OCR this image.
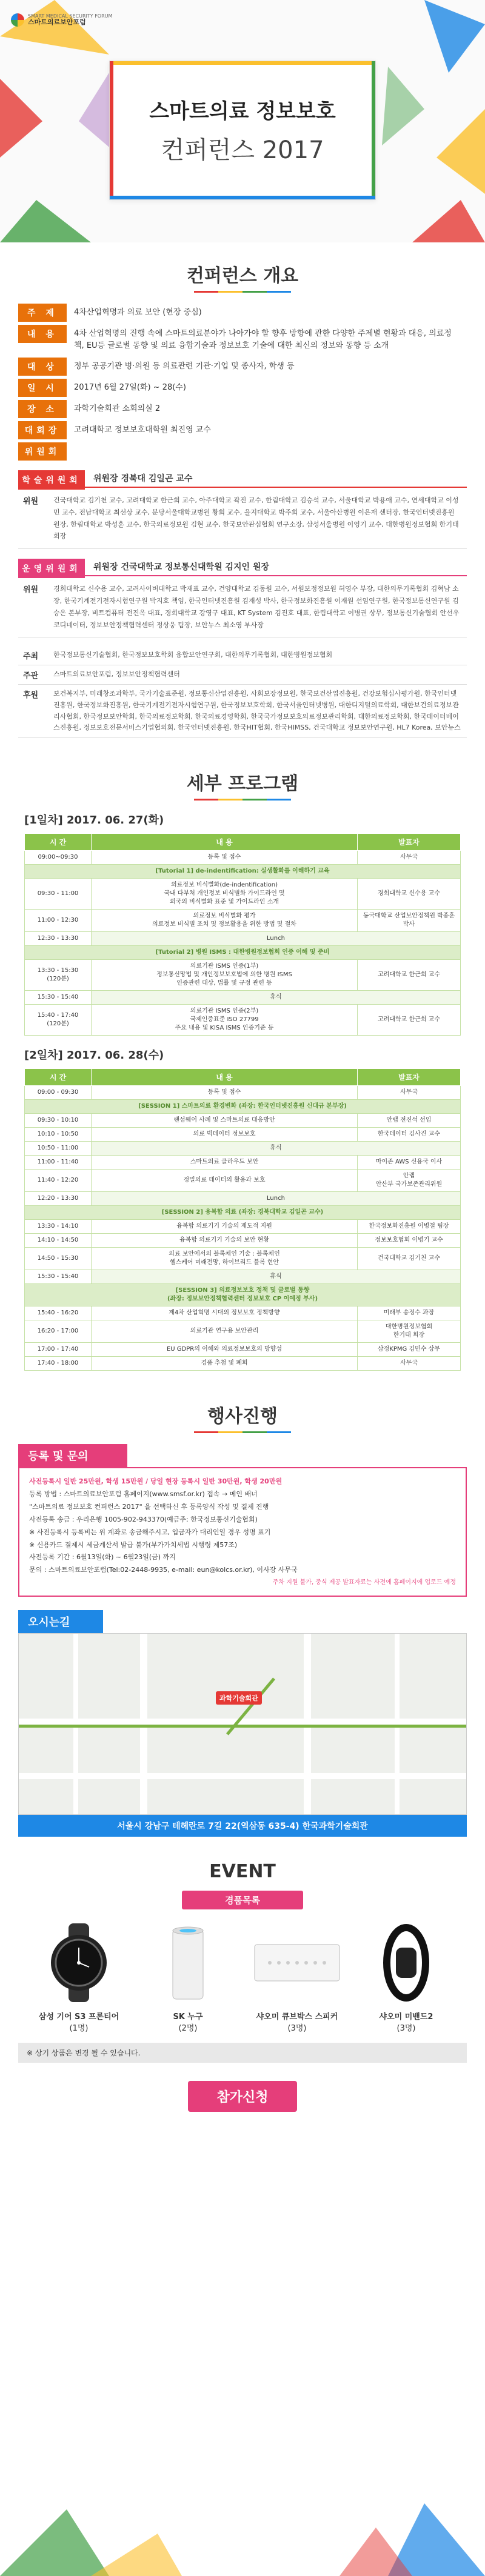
SMART MEDICAL SECURITY FORUM
스마트의료보안포럼
스마트의료 정보보호
컨퍼런스 2017
컨퍼런스 개요
주 제	4차산업혁명과 의료 보안 (현장 중심)
내 용	4차 산업혁명의 진행 속에 스마트의료분야가 나아가야 할 향후 방향에 관한 다양한 주제별 현황과 대응, 의료정책, EU등 글로벌 동향 및 의료 융합기술과 정보보호 기술에 대한 최신의 정보와 동향 등 소개
대 상	정부 공공기관 병·의원 등 의료관련 기관·기업 및 종사자, 학생 등
일 시	2017년 6월 27일(화) ~ 28(수)
장 소	과학기술회관 소회의실 2
대회장	고려대학교 정보보호대학원 최진영 교수
위원회
학술위원회	위원장 경북대 김일곤 교수
위원	건국대학교 김기천 교수, 고려대학교 한근희 교수, 아주대학교 곽진 교수, 한림대학교 김승석 교수, 서울대학교 박용애 교수, 연세대학교 이성민 교수, 전남대학교 최선상 교수, 분당서울대학교병원 황희 교수, 을지대학교 박주희 교수, 서울아산병원 이은재 센터장, 한국인터넷진흥원 원장, 한림대학교 박성훈 교수, 한국의료정보원 김현 교수, 한국보안관심협회 연구소장, 삼성서울병원 이영기 교수, 대한병원정보협회 한기태 회장
운영위원회	위원장 건국대학교 정보통신대학원 김지인 원장
위원	경희대학교 신수용 교수, 고려사이버대학교 박재표 교수, 건양대학교 김동원 교수, 서원보정정보원 허영수 부장, 대한의무기록협회 김혁남 소장, 한국기계전기전자시험연구원 박지호 책임, 한국인터넷진흥원 김재성 박사, 한국정보화진흥원 이재원 선임연구원, 한국정보통신연구원 김승은 본부장, 비트컴퓨터 전진옥 대표, 경희대학교 강영구 대표, KT System 김진호 대표, 한림대학교 이병권 상무, 정보통신기술협회 안선우 코디네이터, 정보보안정책협력센터 정상웅 팀장, 보안뉴스 최소영 부사장
주최	한국정보통신기술협회, 한국정보보호학회 융합보안연구회, 대한의무기록협회, 대한병원정보협회
주관	스마트의료보안포럼, 정보보안정책협력센터
후원	보건복지부, 미래창조과학부, 국가기술표준원, 정보통신산업진흥원, 사회보장정보원, 한국보건산업진흥원, 건강보험심사평가원, 한국인터넷진흥원, 한국정보화진흥원, 한국기계전기전자시험연구원, 한국정보보호학회, 한국서울인터넷병원, 대한디지털의료학회, 대한보건의료정보관리사협회, 한국정보보안학회, 한국의료정보학회, 한국의료경영학회, 한국국가정보보호의료정보관리학회, 대한의료정보학회, 한국데이터베이스진흥원, 정보보호전문서비스기업협의회, 한국인터넷진흥원, 한국HIT협회, 한국HIMSS, 건국대학교 정보보안연구원, HL7 Korea, 보안뉴스
세부 프로그램
[1일차] 2017. 06. 27(화)
시 간	내 용	발표자
09:00~09:30	등록 및 접수	사무국
[Tutorial 1] de-indentification: 실생활화를 이해하기 교육		
09:30 - 11:00	의료정보 비식별화(de-indentification)
국내 다부처 개인정보 비식별화 가이드라인 및
외국의 비식별화 표준 및 가이드라인 소개	경희대학교 신수용 교수
11:00 - 12:30	의료정보 비식별화 평가
의료정보 비식별 조치 및 정보활용을 위한 방법 및 절차	동국대학교 산업보안정책원 박종훈 박사
12:30 - 13:30	Lunch	
[Tutorial 2] 병원 ISMS : 대한병원정보협회 인증 이해 및 준비		
13:30 - 15:30
(120분)	의료기관 ISMS 인증(1부)
정보통신망법 및 개인정보보호법에 의한 병원 ISMS
인증관련 대상, 법률 및 규정 관련 등	고려대학교 한근희 교수
15:30 - 15:40	휴식	
15:40 - 17:40
(120분)	의료기관 ISMS 인증(2부)
국제인증표준 ISO 27799
주요 내용 및 KISA ISMS 인증기준 등	고려대학교 한근희 교수
[2일차] 2017. 06. 28(수)
시 간	내 용	발표자
09:00 - 09:30	등록 및 접수	사무국
[SESSION 1] 스마트의료 환경변화 (좌장: 한국인터넷진흥원 신대규 본부장)		
09:30 - 10:10	랜섬웨어 사례 및 스마트의료 대응방안	안랩 전진석 선임
10:10 - 10:50	의료 빅데이터 정보보호	한국데이터 김사진 교수
10:50 - 11:00	휴식	
11:00 - 11:40	스마트의료 클라우드 보안	마이존 AWS 신용국 이사
11:40 - 12:20	정밀의료 데이터의 활용과 보호	안랩
안산부 국가보존관리위원
12:20 - 13:30	Lunch	
[SESSION 2] 융복합 의료 (좌장: 경북대학교 김일곤 교수)		
13:30 - 14:10	융복합 의료기기 기술의 제도적 지원	한국정보화진흥원 이병철 팀장
14:10 - 14:50	융복합 의료기기 기술의 보안 현황	정보보호협회 이병기 교수
14:50 - 15:30	의료 보안에서의 블록체인 기술 : 블록체인
헬스케어 미래전망, 하이브리드 블록 현안	건국대학교 김기천 교수
15:30 - 15:40	휴식	
[SESSION 3] 의료정보보호 정책 및 글로벌 동향
(좌장: 정보보안정책협력센터 정보보호 CP 이예정 부사)		
15:40 - 16:20	제4차 산업혁명 시대의 정보보호 정책방향	미래부 송정수 과장
16:20 - 17:00	의료기관 연구용 보안관리	대한병원정보협회
한기태 회장
17:00 - 17:40	EU GDPR의 이해와 의료정보보호의 방향성	삼정KPMG 김민수 상무
17:40 - 18:00	경품 추첨 및 폐회	사무국
행사진행
등록 및 문의
사전등록시 일반 25만원, 학생 15만원 / 당일 현장 등록시 일반 30만원, 학생 20만원
등록 방법 : 스마트의료보안포럼 홈페이지(www.smsf.or.kr) 접속 → 메인 배너
"스마트의료 정보보호 컨퍼런스 2017" 을 선택하신 후 등록양식 작성 및 결제 진행
사전등록 송금 : 우리은행 1005-902-943370(예금주: 한국정보통신기술협회)
※ 사전등록시 등록비는 위 계좌로 송금해주시고, 입금자가 대리인일 경우 성명 표기
※ 신용카드 결제시 세금계산서 발급 불가(부가가치세법 시행령 제57조)
사전등록 기간 : 6월13일(화) ~ 6월23일(금) 까지
문의 : 스마트의료보안포럼(Tel:02-2448-9935, e-mail: eun@kolcs.or.kr), 이사장 사무국
주차 지원 불가, 중식 제공 발표자료는 사전에 홈페이지에 업로드 예정
오시는길
과학기술회관
서울시 강남구 테헤란로 7길 22(역삼동 635-4) 한국과학기술회관
EVENT
경품목록
삼성 기어 S3 프론티어
(1명)
SK 누구
(2명)
샤오미 큐브박스 스피커
(3명)
샤오미 미밴드2
(3명)
※ 상기 상품은 변경 될 수 있습니다.
참가신청
